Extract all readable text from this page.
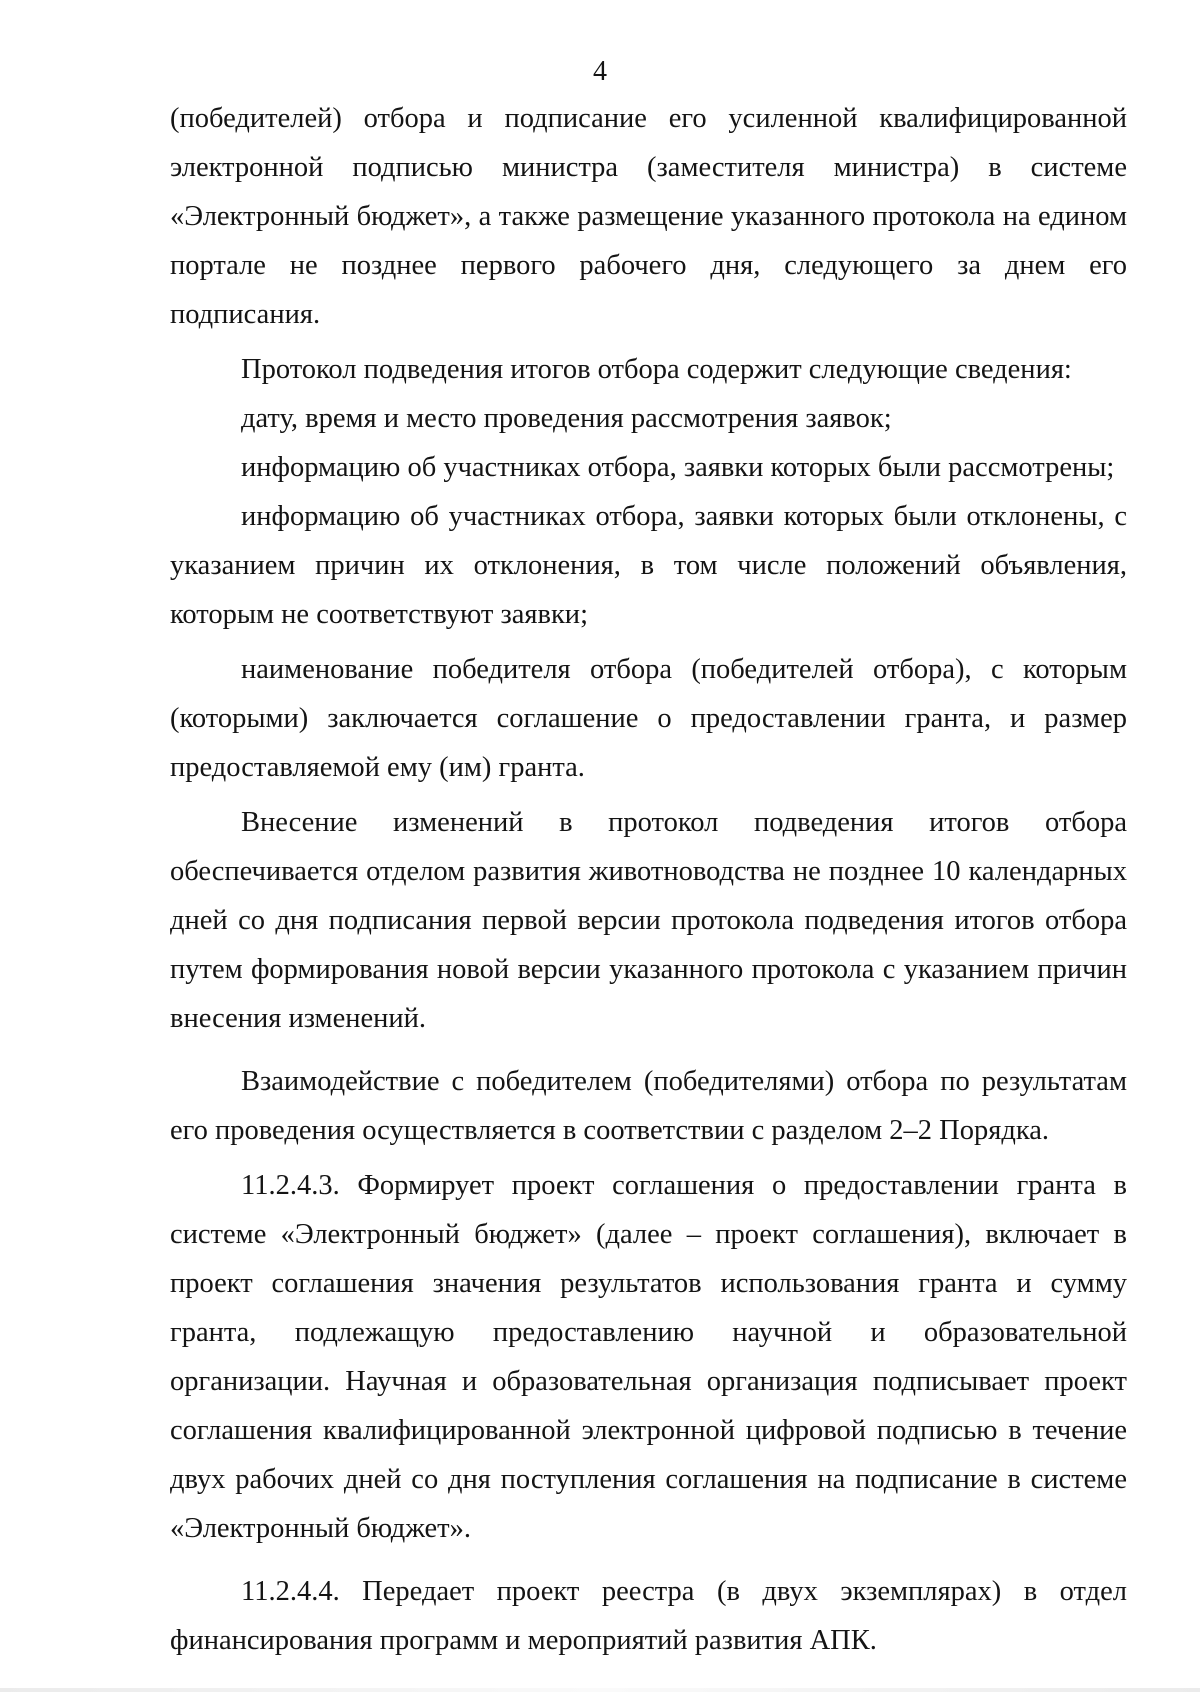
4

(победителей) отбора и подписание его усиленной квалифицированной электронной подписью министра (заместителя министра) в системе «Электронный бюджет», а также размещение указанного протокола на едином портале не позднее первого рабочего дня, следующего за днем его подписания.

Протокол подведения итогов отбора содержит следующие сведения:

дату, время и место проведения рассмотрения заявок;

информацию об участниках отбора, заявки которых были рассмотрены;

информацию об участниках отбора, заявки которых были отклонены, с указанием причин их отклонения, в том числе положений объявления, которым не соответствуют заявки;

наименование победителя отбора (победителей отбора), с которым (которыми) заключается соглашение о предоставлении гранта, и размер предоставляемой ему (им) гранта.

Внесение изменений в протокол подведения итогов отбора обеспечивается отделом развития животноводства не позднее 10 календарных дней со дня подписания первой версии протокола подведения итогов отбора путем формирования новой версии указанного протокола с указанием причин внесения изменений.

Взаимодействие с победителем (победителями) отбора по результатам его проведения осуществляется в соответствии с разделом 2–2 Порядка.

11.2.4.3. Формирует проект соглашения о предоставлении гранта в системе «Электронный бюджет» (далее – проект соглашения), включает в проект соглашения значения результатов использования гранта и сумму гранта, подлежащую предоставлению научной и образовательной организации. Научная и образовательная организация подписывает проект соглашения квалифицированной электронной цифровой подписью в течение двух рабочих дней со дня поступления соглашения на подписание в системе «Электронный бюджет».

11.2.4.4. Передает проект реестра (в двух экземплярах) в отдел финансирования программ и мероприятий развития АПК.
